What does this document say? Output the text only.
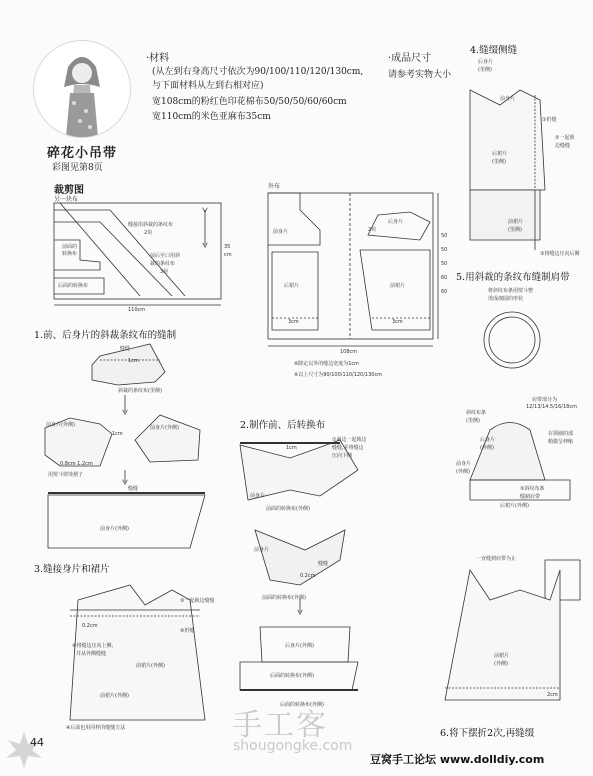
碎花小吊带
彩图见第8页
·材料
(从左到右身高尺寸依次为90/100/110/120/130cm,
与下面材料从左到右相对应)
宽108cm的粉红色印花棉布50/50/50/60/60cm
宽110cm的米色亚麻布35cm
·成品尺寸
请参考实物大小
裁剪图
另一块布
外布
缝接用斜裁的条纹布
2块
前后至口用斜
裁的条纹布
3块
前面的
转换布
后面的转换布
35
cm
110cm
前身片	2块
后身片
后裙片	前裙片
3cm	3cm
108cm
50
50
50
60
60
※除定以外的缝边宽度为1cm
※以上尺寸为90/100/110/120/130cm
1.前、后身片的斜裁条纹布的缝制
缝缝
1cm
斜裁的条纹布(里侧)
前身片(外侧)
1cm
0.8cm 1.2cm
用熨斗熨烫褶子
缝缝
前身片(外侧)
前身片(外侧)
2.制作前、后转换布
1cm
①两边一起锁边
缝缝,并将缝边
压向下侧
前身片
前面的转换布(外侧)
前身片
缝缝
0.2cm
前面的转换布(外侧)
后身片(外侧)
后面的转换布(外侧)
后面的转换布(外侧)
3.缝接身片和裙片
③一起锁边缝缝
④折缝
0.2cm
④将缝边压向上侧,
并从外侧缝缝
前裙片(外侧)
前裙片(外侧)
※后面也用同样的缝缝方法
4.缝缀侧缝
后身片
(里侧)
前身片
①折缝
②一起锁
边缝缝
后裙片
(里侧)
前裙片
(里侧)
③将缝边压向后侧
5.用斜裁的条纹布缝制肩带
将斜纹布条用熨斗整
烫成细圆的形状
肩带部分为
12/13/14.5/16/18cm
斜纹布条
(里侧)
后身片
(外侧)
在领圈的部
稍微呈伸缩
前身片
(外侧)
后裙片(外侧)
③斜纹布条
缝制肩带
一直缝到肩带为止
前裙片
(外侧)
2cm
6.将下摆折2次,再缝缀
44	手工客
shougongke.com
豆窝手工论坛 www.dolldiy.com
